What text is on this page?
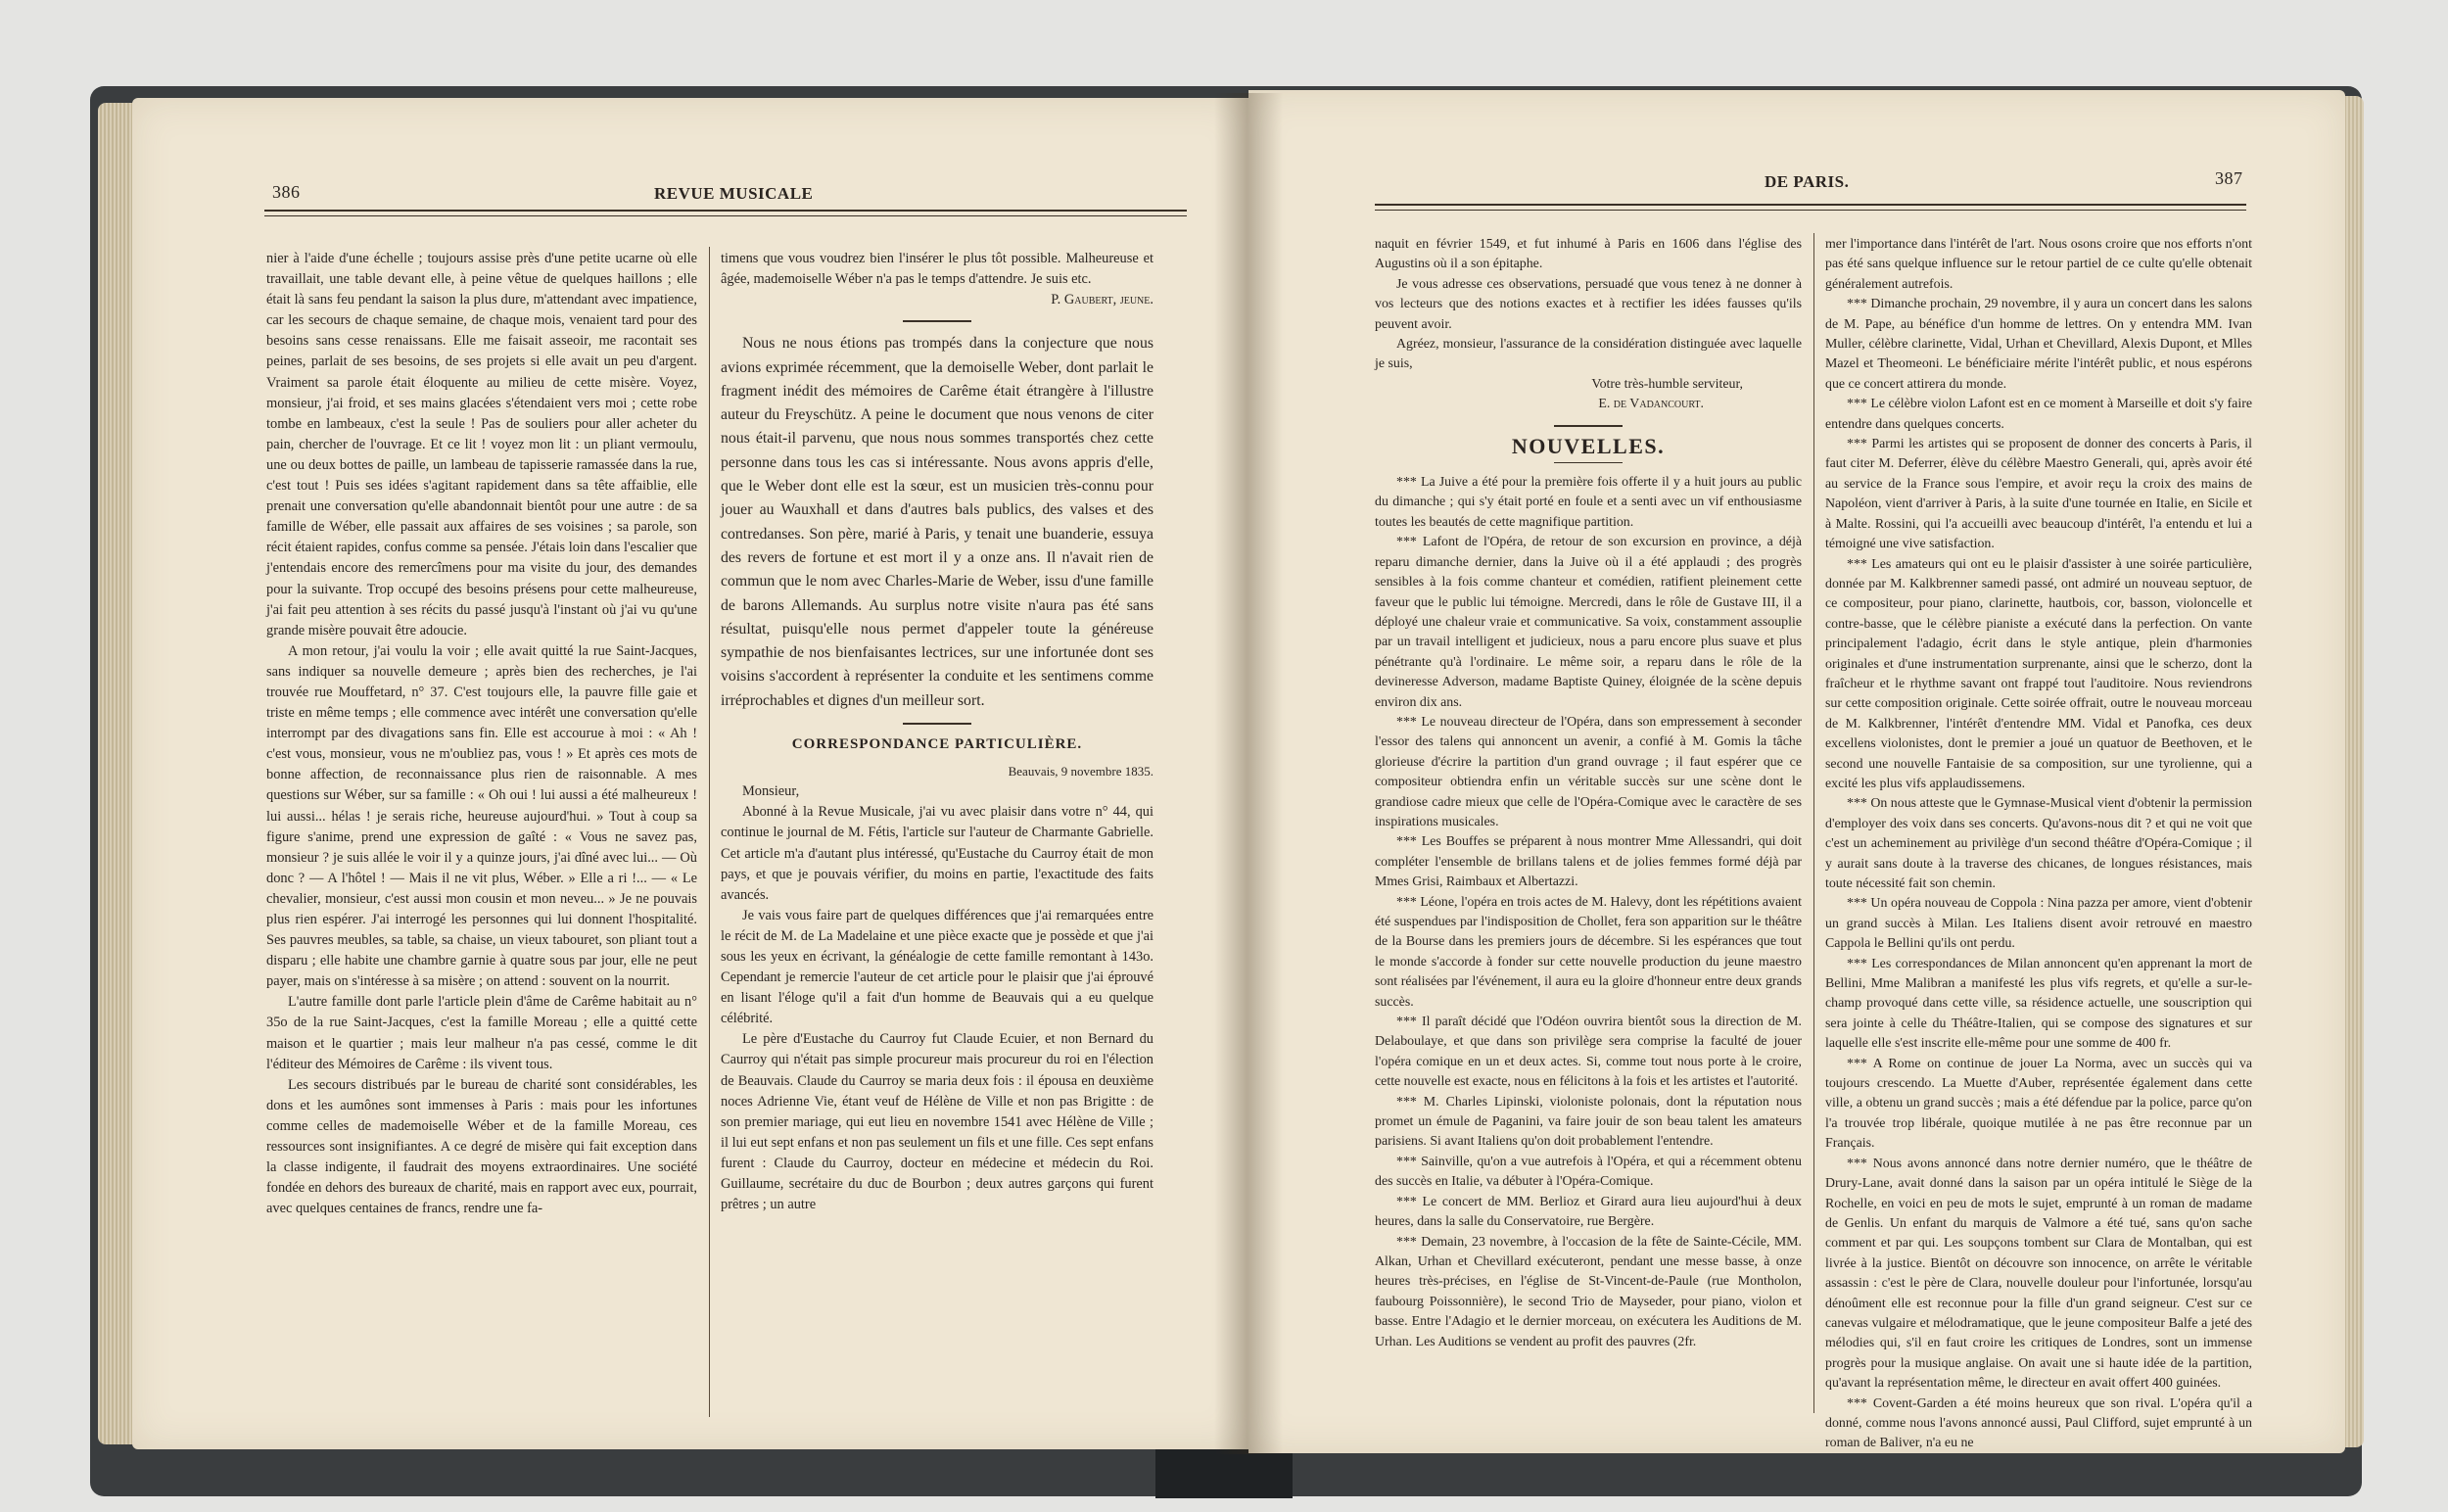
386	REVUE MUSICALE

nier à l'aide d'une échelle ; toujours assise près d'une petite ucarne où elle travaillait, une table devant elle, à peine vêtue de quelques haillons ; elle était là sans feu pendant la saison la plus dure, m'attendant avec impatience, car les secours de chaque semaine, de chaque mois, venaient tard pour des besoins sans cesse renaissans. Elle me faisait asseoir, me racontait ses peines, parlait de ses besoins, de ses projets si elle avait un peu d'argent. Vraiment sa parole était éloquente au milieu de cette misère. Voyez, monsieur, j'ai froid, et ses mains glacées s'étendaient vers moi ; cette robe tombe en lambeaux, c'est la seule ! Pas de souliers pour aller acheter du pain, chercher de l'ouvrage. Et ce lit ! voyez mon lit : un pliant vermoulu, une ou deux bottes de paille, un lambeau de tapisserie ramassée dans la rue, c'est tout ! Puis ses idées s'agitant rapidement dans sa tête affaiblie, elle prenait une conversation qu'elle abandonnait bientôt pour une autre : de sa famille de Wéber, elle passait aux affaires de ses voisines ; sa parole, son récit étaient rapides, confus comme sa pensée. J'étais loin dans l'escalier que j'entendais encore des remercîmens pour ma visite du jour, des demandes pour la suivante. Trop occupé des besoins présens pour cette malheureuse, j'ai fait peu attention à ses récits du passé jusqu'à l'instant où j'ai vu qu'une grande misère pouvait être adoucie.

A mon retour, j'ai voulu la voir ; elle avait quitté la rue Saint-Jacques, sans indiquer sa nouvelle demeure ; après bien des recherches, je l'ai trouvée rue Mouffetard, n° 37. C'est toujours elle, la pauvre fille gaie et triste en même temps ; elle commence avec intérêt une conversation qu'elle interrompt par des divagations sans fin. Elle est accourue à moi : « Ah ! c'est vous, monsieur, vous ne m'oubliez pas, vous ! » Et après ces mots de bonne affection, de reconnaissance plus rien de raisonnable. A mes questions sur Wéber, sur sa famille : « Oh oui ! lui aussi a été malheureux ! lui aussi... hélas ! je serais riche, heureuse aujourd'hui. » Tout à coup sa figure s'anime, prend une expression de gaîté : « Vous ne savez pas, monsieur ? je suis allée le voir il y a quinze jours, j'ai dîné avec lui... — Où donc ? — A l'hôtel ! — Mais il ne vit plus, Wéber. » Elle a ri !... — « Le chevalier, monsieur, c'est aussi mon cousin et mon neveu... » Je ne pouvais plus rien espérer. J'ai interrogé les personnes qui lui donnent l'hospitalité. Ses pauvres meubles, sa table, sa chaise, un vieux tabouret, son pliant tout a disparu ; elle habite une chambre garnie à quatre sous par jour, elle ne peut payer, mais on s'intéresse à sa misère ; on attend : souvent on la nourrit.

L'autre famille dont parle l'article plein d'âme de Carême habitait au n° 35o de la rue Saint-Jacques, c'est la famille Moreau ; elle a quitté cette maison et le quartier ; mais leur malheur n'a pas cessé, comme le dit l'éditeur des Mémoires de Carême : ils vivent tous.

Les secours distribués par le bureau de charité sont considérables, les dons et les aumônes sont immenses à Paris : mais pour les infortunes comme celles de mademoiselle Wéber et de la famille Moreau, ces ressources sont insignifiantes. A ce degré de misère qui fait exception dans la classe indigente, il faudrait des moyens extraordinaires. Une société fondée en dehors des bureaux de charité, mais en rapport avec eux, pourrait, avec quelques centaines de francs, rendre une fa-

timens que vous voudrez bien l'insérer le plus tôt possible. Malheureuse et âgée, mademoiselle Wéber n'a pas le temps d'attendre. Je suis etc.

P. Gaubert, jeune.

Nous ne nous étions pas trompés dans la conjecture que nous avions exprimée récemment, que la demoiselle Weber, dont parlait le fragment inédit des mémoires de Carême était étrangère à l'illustre auteur du Freyschütz. A peine le document que nous venons de citer nous était-il parvenu, que nous nous sommes transportés chez cette personne dans tous les cas si intéressante. Nous avons appris d'elle, que le Weber dont elle est la sœur, est un musicien très-connu pour jouer au Wauxhall et dans d'autres bals publics, des valses et des contredanses. Son père, marié à Paris, y tenait une buanderie, essuya des revers de fortune et est mort il y a onze ans. Il n'avait rien de commun que le nom avec Charles-Marie de Weber, issu d'une famille de barons Allemands. Au surplus notre visite n'aura pas été sans résultat, puisqu'elle nous permet d'appeler toute la généreuse sympathie de nos bienfaisantes lectrices, sur une infortunée dont ses voisins s'accordent à représenter la conduite et les sentimens comme irréprochables et dignes d'un meilleur sort.

CORRESPONDANCE PARTICULIÈRE.
Beauvais, 9 novembre 1835.

Monsieur,

Abonné à la Revue Musicale, j'ai vu avec plaisir dans votre n° 44, qui continue le journal de M. Fétis, l'article sur l'auteur de Charmante Gabrielle. Cet article m'a d'autant plus intéressé, qu'Eustache du Caurroy était de mon pays, et que je pouvais vérifier, du moins en partie, l'exactitude des faits avancés.

Je vais vous faire part de quelques différences que j'ai remarquées entre le récit de M. de La Madelaine et une pièce exacte que je possède et que j'ai sous les yeux en écrivant, la généalogie de cette famille remontant à 143o. Cependant je remercie l'auteur de cet article pour le plaisir que j'ai éprouvé en lisant l'éloge qu'il a fait d'un homme de Beauvais qui a eu quelque célébrité.

Le père d'Eustache du Caurroy fut Claude Ecuier, et non Bernard du Caurroy qui n'était pas simple procureur mais procureur du roi en l'élection de Beauvais. Claude du Caurroy se maria deux fois : il épousa en deuxième noces Adrienne Vie, étant veuf de Hélène de Ville et non pas Brigitte : de son premier mariage, qui eut lieu en novembre 1541 avec Hélène de Ville ; il lui eut sept enfans et non pas seulement un fils et une fille. Ces sept enfans furent : Claude du Caurroy, docteur en médecine et médecin du Roi. Guillaume, secrétaire du duc de Bourbon ; deux autres garçons qui furent prêtres ; un autre

DE PARIS.	387

naquit en février 1549, et fut inhumé à Paris en 1606 dans l'église des Augustins où il a son épitaphe.

Je vous adresse ces observations, persuadé que vous tenez à ne donner à vos lecteurs que des notions exactes et à rectifier les idées fausses qu'ils peuvent avoir.

Agréez, monsieur, l'assurance de la considération distinguée avec laquelle je suis,

Votre très-humble serviteur,
E. de Vadancourt.
NOUVELLES.

*** La Juive a été pour la première fois offerte il y a huit jours au public du dimanche ; qui s'y était porté en foule et a senti avec un vif enthousiasme toutes les beautés de cette magnifique partition.

*** Lafont de l'Opéra, de retour de son excursion en province, a déjà reparu dimanche dernier, dans la Juive où il a été applaudi ; des progrès sensibles à la fois comme chanteur et comédien, ratifient pleinement cette faveur que le public lui témoigne. Mercredi, dans le rôle de Gustave III, il a déployé une chaleur vraie et communicative. Sa voix, constamment assouplie par un travail intelligent et judicieux, nous a paru encore plus suave et plus pénétrante qu'à l'ordinaire. Le même soir, a reparu dans le rôle de la devineresse Adverson, madame Baptiste Quiney, éloignée de la scène depuis environ dix ans.

*** Le nouveau directeur de l'Opéra, dans son empressement à seconder l'essor des talens qui annoncent un avenir, a confié à M. Gomis la tâche glorieuse d'écrire la partition d'un grand ouvrage ; il faut espérer que ce compositeur obtiendra enfin un véritable succès sur une scène dont le grandiose cadre mieux que celle de l'Opéra-Comique avec le caractère de ses inspirations musicales.

*** Les Bouffes se préparent à nous montrer Mme Allessandri, qui doit compléter l'ensemble de brillans talens et de jolies femmes formé déjà par Mmes Grisi, Raimbaux et Albertazzi.

*** Léone, l'opéra en trois actes de M. Halevy, dont les répétitions avaient été suspendues par l'indisposition de Chollet, fera son apparition sur le théâtre de la Bourse dans les premiers jours de décembre. Si les espérances que tout le monde s'accorde à fonder sur cette nouvelle production du jeune maestro sont réalisées par l'événement, il aura eu la gloire d'honneur entre deux grands succès.

*** Il paraît décidé que l'Odéon ouvrira bientôt sous la direction de M. Delaboulaye, et que dans son privilège sera comprise la faculté de jouer l'opéra comique en un et deux actes. Si, comme tout nous porte à le croire, cette nouvelle est exacte, nous en félicitons à la fois et les artistes et l'autorité.

*** M. Charles Lipinski, violoniste polonais, dont la réputation nous promet un émule de Paganini, va faire jouir de son beau talent les amateurs parisiens. Si avant Italiens qu'on doit probablement l'entendre.

*** Sainville, qu'on a vue autrefois à l'Opéra, et qui a récemment obtenu des succès en Italie, va débuter à l'Opéra-Comique.

*** Le concert de MM. Berlioz et Girard aura lieu aujourd'hui à deux heures, dans la salle du Conservatoire, rue Bergère.

*** Demain, 23 novembre, à l'occasion de la fête de Sainte-Cécile, MM. Alkan, Urhan et Chevillard exécuteront, pendant une messe basse, à onze heures très-précises, en l'église de St-Vincent-de-Paule (rue Montholon, faubourg Poissonnière), le second Trio de Mayseder, pour piano, violon et basse. Entre l'Adagio et le dernier morceau, on exécutera les Auditions de M. Urhan. Les Auditions se vendent au profit des pauvres (2fr.

mer l'importance dans l'intérêt de l'art. Nous osons croire que nos efforts n'ont pas été sans quelque influence sur le retour partiel de ce culte qu'elle obtenait généralement autrefois.

*** Dimanche prochain, 29 novembre, il y aura un concert dans les salons de M. Pape, au bénéfice d'un homme de lettres. On y entendra MM. Ivan Muller, célèbre clarinette, Vidal, Urhan et Chevillard, Alexis Dupont, et Mlles Mazel et Theomeoni. Le bénéficiaire mérite l'intérêt public, et nous espérons que ce concert attirera du monde.

*** Le célèbre violon Lafont est en ce moment à Marseille et doit s'y faire entendre dans quelques concerts.

*** Parmi les artistes qui se proposent de donner des concerts à Paris, il faut citer M. Deferrer, élève du célèbre Maestro Generali, qui, après avoir été au service de la France sous l'empire, et avoir reçu la croix des mains de Napoléon, vient d'arriver à Paris, à la suite d'une tournée en Italie, en Sicile et à Malte. Rossini, qui l'a accueilli avec beaucoup d'intérêt, l'a entendu et lui a témoigné une vive satisfaction.

*** Les amateurs qui ont eu le plaisir d'assister à une soirée particulière, donnée par M. Kalkbrenner samedi passé, ont admiré un nouveau septuor, de ce compositeur, pour piano, clarinette, hautbois, cor, basson, violoncelle et contre-basse, que le célèbre pianiste a exécuté dans la perfection. On vante principalement l'adagio, écrit dans le style antique, plein d'harmonies originales et d'une instrumentation surprenante, ainsi que le scherzo, dont la fraîcheur et le rhythme savant ont frappé tout l'auditoire. Nous reviendrons sur cette composition originale. Cette soirée offrait, outre le nouveau morceau de M. Kalkbrenner, l'intérêt d'entendre MM. Vidal et Panofka, ces deux excellens violonistes, dont le premier a joué un quatuor de Beethoven, et le second une nouvelle Fantaisie de sa composition, sur une tyrolienne, qui a excité les plus vifs applaudissemens.

*** On nous atteste que le Gymnase-Musical vient d'obtenir la permission d'employer des voix dans ses concerts. Qu'avons-nous dit ? et qui ne voit que c'est un acheminement au privilège d'un second théâtre d'Opéra-Comique ; il y aurait sans doute à la traverse des chicanes, de longues résistances, mais toute nécessité fait son chemin.

*** Un opéra nouveau de Coppola : Nina pazza per amore, vient d'obtenir un grand succès à Milan. Les Italiens disent avoir retrouvé en maestro Cappola le Bellini qu'ils ont perdu.

*** Les correspondances de Milan annoncent qu'en apprenant la mort de Bellini, Mme Malibran a manifesté les plus vifs regrets, et qu'elle a sur-le-champ provoqué dans cette ville, sa résidence actuelle, une souscription qui sera jointe à celle du Théâtre-Italien, qui se compose des signatures et sur laquelle elle s'est inscrite elle-même pour une somme de 400 fr.

*** A Rome on continue de jouer La Norma, avec un succès qui va toujours crescendo. La Muette d'Auber, représentée également dans cette ville, a obtenu un grand succès ; mais a été défendue par la police, parce qu'on l'a trouvée trop libérale, quoique mutilée à ne pas être reconnue par un Français.

*** Nous avons annoncé dans notre dernier numéro, que le théâtre de Drury-Lane, avait donné dans la saison par un opéra intitulé le Siège de la Rochelle, en voici en peu de mots le sujet, emprunté à un roman de madame de Genlis. Un enfant du marquis de Valmore a été tué, sans qu'on sache comment et par qui. Les soupçons tombent sur Clara de Montalban, qui est livrée à la justice. Bientôt on découvre son innocence, on arrête le véritable assassin : c'est le père de Clara, nouvelle douleur pour l'infortunée, lorsqu'au dénoûment elle est reconnue pour la fille d'un grand seigneur. C'est sur ce canevas vulgaire et mélodramatique, que le jeune compositeur Balfe a jeté des mélodies qui, s'il en faut croire les critiques de Londres, sont un immense progrès pour la musique anglaise. On avait une si haute idée de la partition, qu'avant la représentation même, le directeur en avait offert 400 guinées.

*** Covent-Garden a été moins heureux que son rival. L'opéra qu'il a donné, comme nous l'avons annoncé aussi, Paul Clifford, sujet emprunté à un roman de Baliver, n'a eu ne
